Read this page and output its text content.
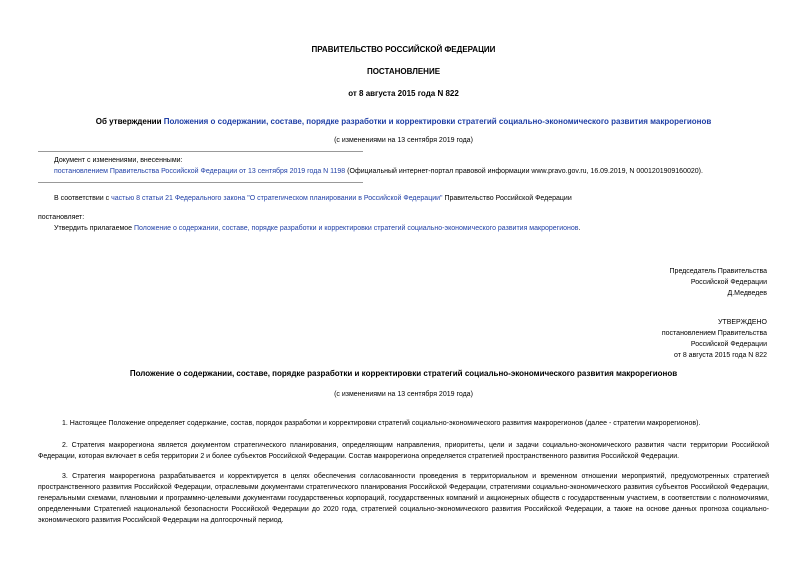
ПРАВИТЕЛЬСТВО РОССИЙСКОЙ ФЕДЕРАЦИИ
ПОСТАНОВЛЕНИЕ
от 8 августа 2015 года N 822
Об утверждении Положения о содержании, составе, порядке разработки и корректировки стратегий социально-экономического развития макрорегионов
(с изменениями на 13 сентября 2019 года)
Документ с изменениями, внесенными:
постановлением Правительства Российской Федерации от 13 сентября 2019 года N 1198 (Официальный интернет-портал правовой информации www.pravo.gov.ru, 16.09.2019, N 0001201909160020).
В соответствии с частью 8 статьи 21 Федерального закона "О стратегическом планировании в Российской Федерации" Правительство Российской Федерации
постановляет:
Утвердить прилагаемое Положение о содержании, составе, порядке разработки и корректировки стратегий социально-экономического развития макрорегионов.
Председатель Правительства
Российской Федерации
Д.Медведев
УТВЕРЖДЕНО
постановлением Правительства
Российской Федерации
от 8 августа 2015 года N 822
Положение о содержании, составе, порядке разработки и корректировки стратегий социально-экономического развития макрорегионов
(с изменениями на 13 сентября 2019 года)
1. Настоящее Положение определяет содержание, состав, порядок разработки и корректировки стратегий социально-экономического развития макрорегионов (далее - стратегии макрорегионов).
2. Стратегия макрорегиона является документом стратегического планирования, определяющим направления, приоритеты, цели и задачи социально-экономического развития части территории Российской Федерации, которая включает в себя территории 2 и более субъектов Российской Федерации. Состав макрорегиона определяется стратегией пространственного развития Российской Федерации.
3. Стратегия макрорегиона разрабатывается и корректируется в целях обеспечения согласованности проведения в территориальном и временном отношении мероприятий, предусмотренных стратегией пространственного развития Российской Федерации, отраслевыми документами стратегического планирования Российской Федерации, стратегиями социально-экономического развития субъектов Российской Федерации, генеральными схемами, плановыми и программно-целевыми документами государственных корпораций, государственных компаний и акционерных обществ с государственным участием, в соответствии с полномочиями, определенными Стратегией национальной безопасности Российской Федерации до 2020 года, стратегией социально-экономического развития Российской Федерации, а также на основе данных прогноза социально-экономического развития Российской Федерации на долгосрочный период.
